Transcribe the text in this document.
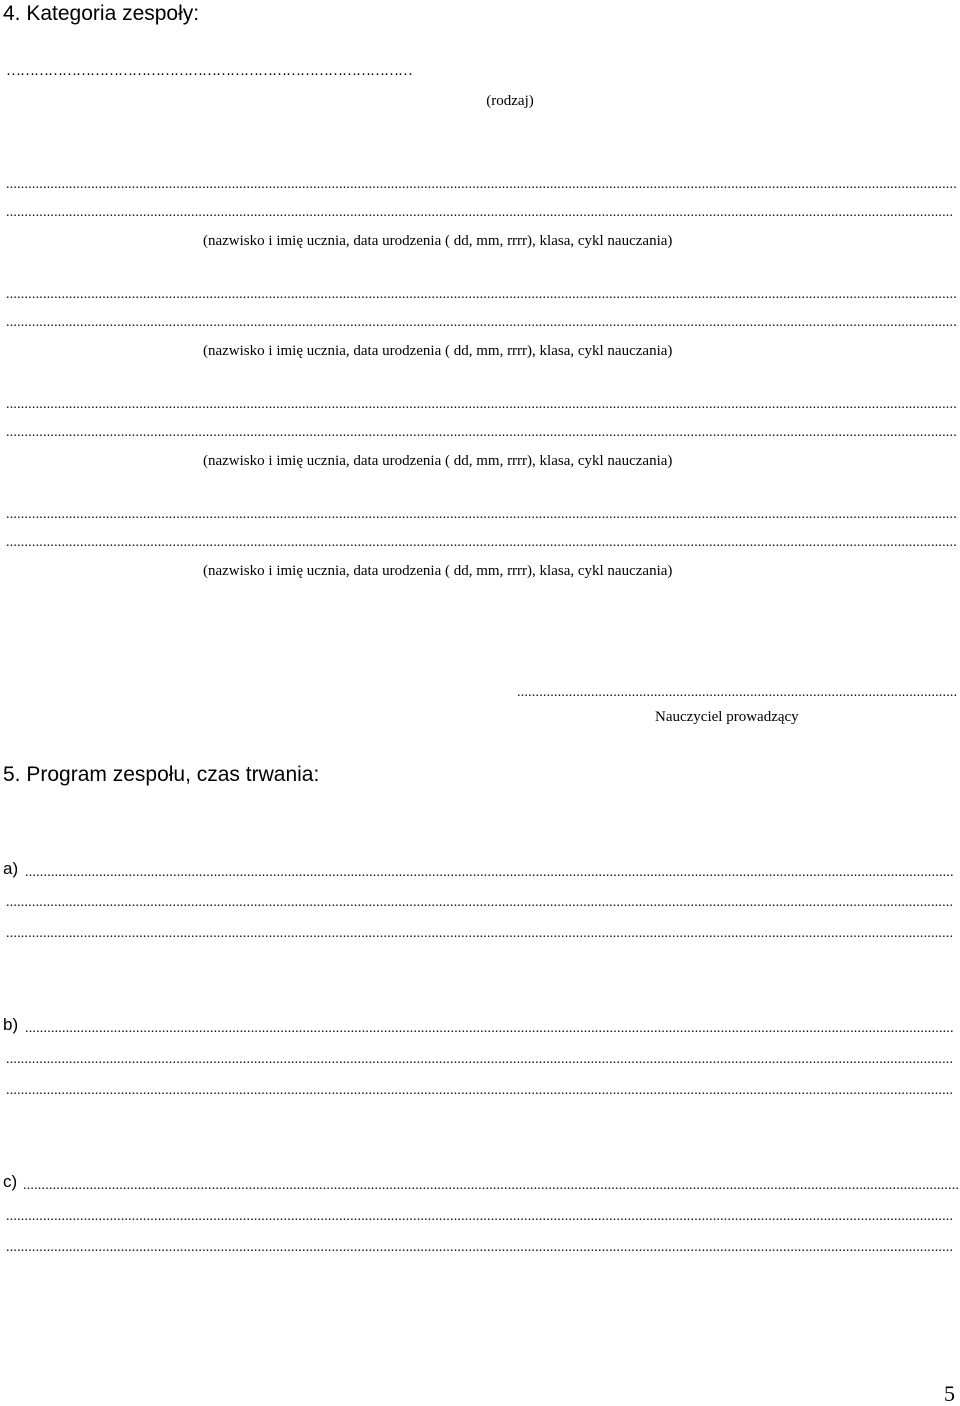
4. Kategoria zespoły:
……………………………………………………………………………
(rodzaj)
.....
.....
(nazwisko i imię ucznia, data urodzenia ( dd, mm, rrrr), klasa, cykl nauczania)
.....
.....
(nazwisko i imię ucznia, data urodzenia ( dd, mm, rrrr), klasa, cykl nauczania)
.....
.....
(nazwisko i imię ucznia, data urodzenia ( dd, mm, rrrr), klasa, cykl nauczania)
.....
.....
(nazwisko i imię ucznia, data urodzenia ( dd, mm, rrrr), klasa, cykl nauczania)
.....
Nauczyciel prowadzący
5. Program zespołu, czas trwania:
a)
.....
.....
.....
b)
.....
.....
.....
c)
.....
.....
.....
5
